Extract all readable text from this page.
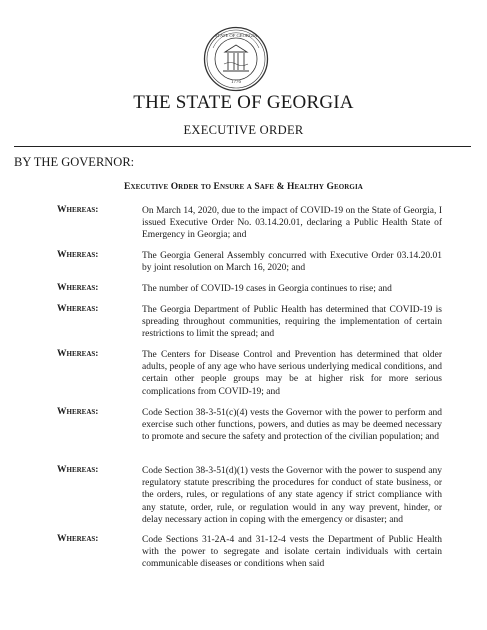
STATE OF GEORGIA
1776
THE STATE OF GEORGIA
EXECUTIVE ORDER
BY THE GOVERNOR:
Executive Order to Ensure a Safe & Healthy Georgia
Whereas:	On March 14, 2020, due to the impact of COVID-19 on the State of Georgia, I issued Executive Order No. 03.14.20.01, declaring a Public Health State of Emergency in Georgia; and
Whereas:	The Georgia General Assembly concurred with Executive Order 03.14.20.01 by joint resolution on March 16, 2020; and
Whereas:	The number of COVID-19 cases in Georgia continues to rise; and
Whereas:	The Georgia Department of Public Health has determined that COVID-19 is spreading throughout communities, requiring the implementation of certain restrictions to limit the spread; and
Whereas:	The Centers for Disease Control and Prevention has determined that older adults, people of any age who have serious underlying medical conditions, and certain other people groups may be at higher risk for more serious complications from COVID-19; and
Whereas:	Code Section 38-3-51(c)(4) vests the Governor with the power to perform and exercise such other functions, powers, and duties as may be deemed necessary to promote and secure the safety and protection of the civilian population; and
Whereas:	Code Section 38-3-51(d)(1) vests the Governor with the power to suspend any regulatory statute prescribing the procedures for conduct of state business, or the orders, rules, or regulations of any state agency if strict compliance with any statute, order, rule, or regulation would in any way prevent, hinder, or delay necessary action in coping with the emergency or disaster; and
Whereas:	Code Sections 31-2A-4 and 31-12-4 vests the Department of Public Health with the power to segregate and isolate certain individuals with certain communicable diseases or conditions when said
